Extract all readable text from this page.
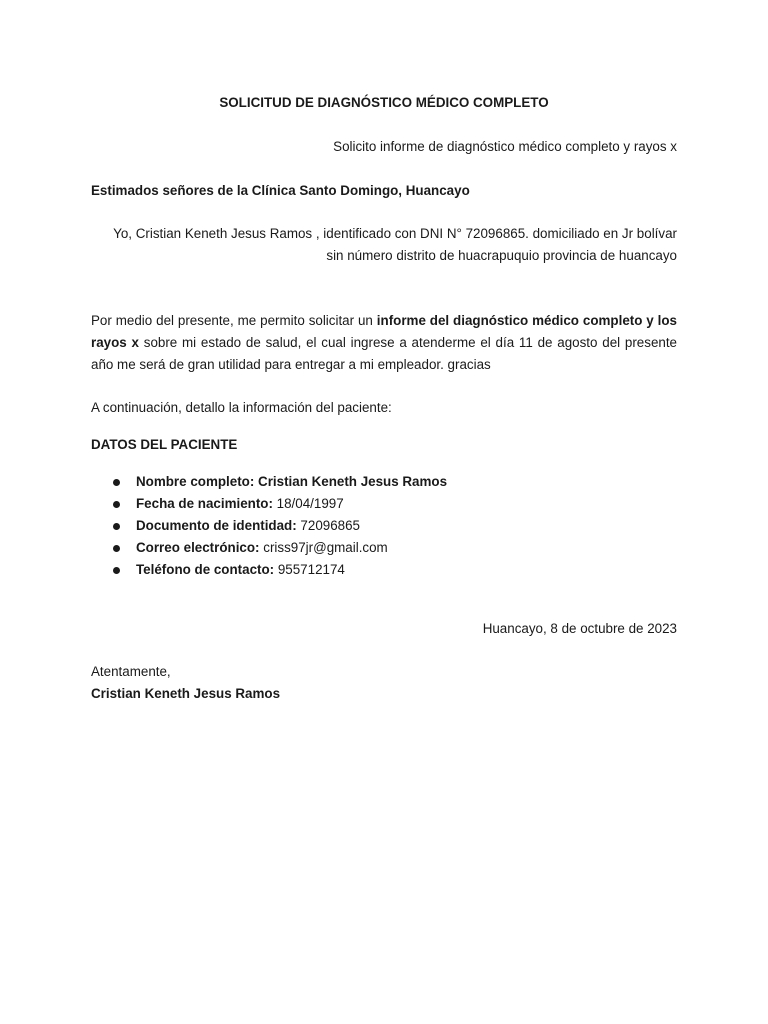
SOLICITUD DE DIAGNÓSTICO MÉDICO COMPLETO
Solicito informe de diagnóstico médico completo y rayos x
Estimados señores de la Clínica Santo Domingo, Huancayo
Yo, Cristian Keneth Jesus Ramos , identificado con DNI N° 72096865. domiciliado en Jr bolívar
sin número distrito de huacrapuquio provincia de huancayo
Por medio del presente, me permito solicitar un informe del diagnóstico médico completo y los rayos x sobre mi estado de salud, el cual ingrese a atenderme el día 11 de agosto del presente año me será de gran utilidad para entregar a mi empleador. gracias
A continuación, detallo la información del paciente:
DATOS DEL PACIENTE
Nombre completo: Cristian Keneth Jesus Ramos
Fecha de nacimiento: 18/04/1997
Documento de identidad: 72096865
Correo electrónico: criss97jr@gmail.com
Teléfono de contacto: 955712174
Huancayo, 8 de octubre de 2023
Atentamente,
Cristian Keneth Jesus Ramos
